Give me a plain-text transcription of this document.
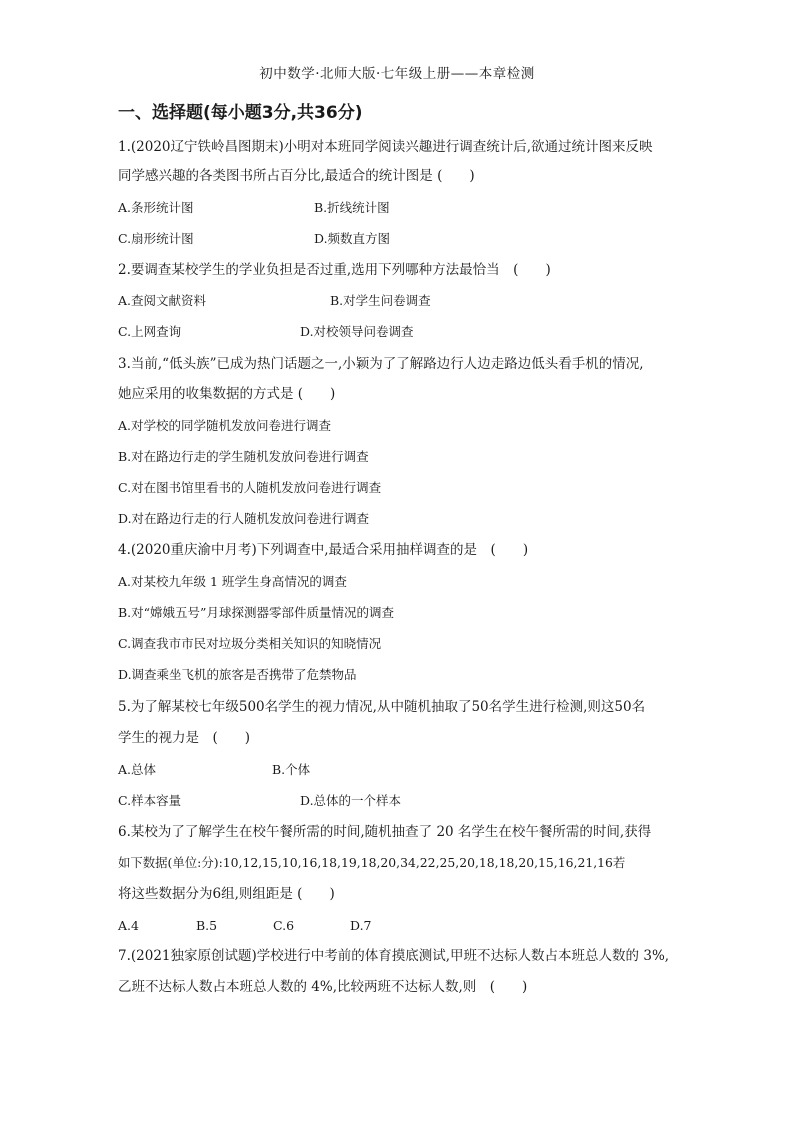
初中数学·北师大版·七年级上册——本章检测
一、选择题(每小题3分,共36分)
1.(2020辽宁铁岭昌图期末)小明对本班同学阅读兴趣进行调查统计后,欲通过统计图来反映
同学感兴趣的各类图书所占百分比,最适合的统计图是 (　　)
A.条形统计图	B.折线统计图
C.扇形统计图	D.频数直方图
2.要调查某校学生的学业负担是否过重,选用下列哪种方法最恰当　(　　)
A.查阅文献资料	B.对学生问卷调查
C.上网查询	D.对校领导问卷调查
3.当前,“低头族”已成为热门话题之一,小颖为了了解路边行人边走路边低头看手机的情况,
她应采用的收集数据的方式是 (　　)
A.对学校的同学随机发放问卷进行调查
B.对在路边行走的学生随机发放问卷进行调查
C.对在图书馆里看书的人随机发放问卷进行调查
D.对在路边行走的行人随机发放问卷进行调查
4.(2020重庆渝中月考)下列调查中,最适合采用抽样调查的是　(　　)
A.对某校九年级 1 班学生身高情况的调查
B.对“嫦娥五号”月球探测器零部件质量情况的调查
C.调查我市市民对垃圾分类相关知识的知晓情况
D.调查乘坐飞机的旅客是否携带了危禁物品
5.为了解某校七年级500名学生的视力情况,从中随机抽取了50名学生进行检测,则这50名
学生的视力是　(　　)
A.总体	B.个体
C.样本容量	D.总体的一个样本
6.某校为了了解学生在校午餐所需的时间,随机抽查了 20 名学生在校午餐所需的时间,获得
如下数据(单位:分):10,12,15,10,16,18,19,18,20,34,22,25,20,18,18,20,15,16,21,16若
将这些数据分为6组,则组距是 (　　)
A.4	B.5	C.6	D.7
7.(2021独家原创试题)学校进行中考前的体育摸底测试,甲班不达标人数占本班总人数的 3%,
乙班不达标人数占本班总人数的 4%,比较两班不达标人数,则　(　　)
